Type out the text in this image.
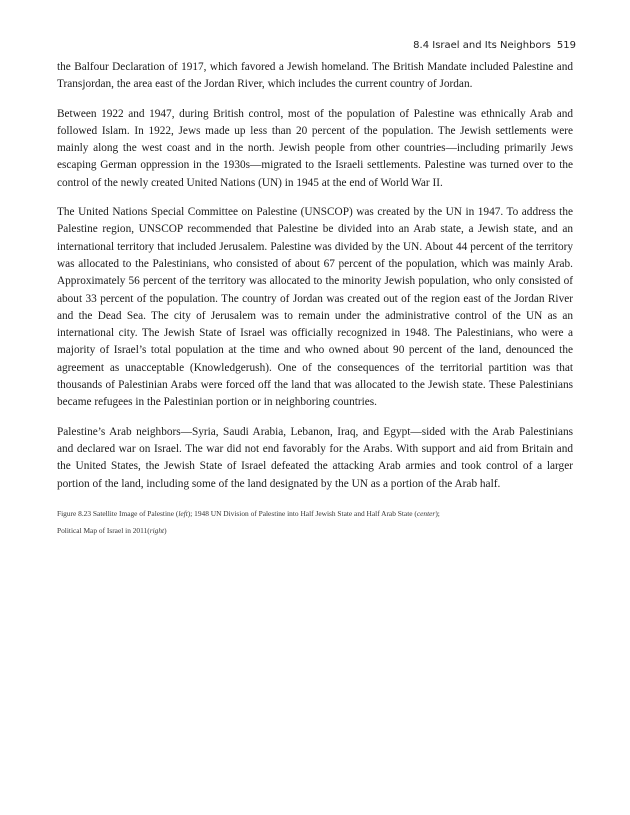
8.4 Israel and Its Neighbors 519

the Balfour Declaration of 1917, which favored a Jewish homeland. The British Mandate included Palestine and Transjordan, the area east of the Jordan River, which includes the current country of Jordan.

Between 1922 and 1947, during British control, most of the population of Palestine was ethnically Arab and followed Islam. In 1922, Jews made up less than 20 percent of the population. The Jewish settlements were mainly along the west coast and in the north. Jewish people from other countries—including primarily Jews escaping German oppression in the 1930s—migrated to the Israeli settlements. Palestine was turned over to the control of the newly created United Nations (UN) in 1945 at the end of World War II.

The United Nations Special Committee on Palestine (UNSCOP) was created by the UN in 1947. To address the Palestine region, UNSCOP recommended that Palestine be divided into an Arab state, a Jewish state, and an international territory that included Jerusalem. Palestine was divided by the UN. About 44 percent of the territory was allocated to the Palestinians, who consisted of about 67 percent of the population, which was mainly Arab. Approximately 56 percent of the territory was allocated to the minority Jewish population, who only consisted of about 33 percent of the population. The country of Jordan was created out of the region east of the Jordan River and the Dead Sea. The city of Jerusalem was to remain under the administrative control of the UN as an international city. The Jewish State of Israel was officially recognized in 1948. The Palestinians, who were a majority of Israel’s total population at the time and who owned about 90 percent of the land, denounced the agreement as unacceptable (Knowledgerush). One of the consequences of the territorial partition was that thousands of Palestinian Arabs were forced off the land that was allocated to the Jewish state. These Palestinians became refugees in the Palestinian portion or in neighboring countries.

Palestine’s Arab neighbors—Syria, Saudi Arabia, Lebanon, Iraq, and Egypt—sided with the Arab Palestinians and declared war on Israel. The war did not end favorably for the Arabs. With support and aid from Britain and the United States, the Jewish State of Israel defeated the attacking Arab armies and took control of a larger portion of the land, including some of the land designated by the UN as a portion of the Arab half.

Figure 8.23 Satellite Image of Palestine (left); 1948 UN Division of Palestine into Half Jewish State and Half Arab State (center);
Political Map of Israel in 2011(right)
